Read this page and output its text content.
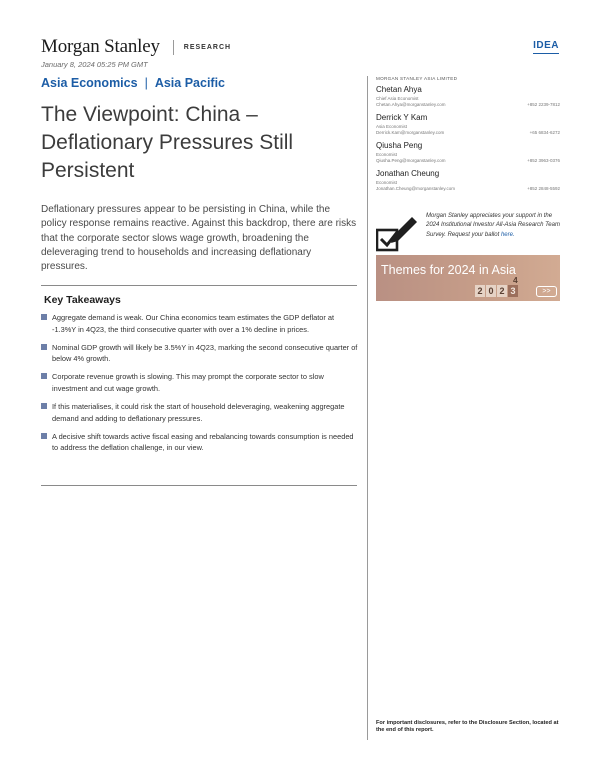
Morgan Stanley	RESEARCH	IDEA
January 8, 2024 05:25 PM GMT
Asia Economics | Asia Pacific
The Viewpoint: China – Deflationary Pressures Still Persistent

Deflationary pressures appear to be persisting in China, while the policy response remains reactive. Against this backdrop, there are risks that the corporate sector slows wage growth, broadening the deleveraging trend to households and increasing deflationary pressures.

Key Takeaways
Aggregate demand is weak. Our China economics team estimates the GDP deflator at -1.3%Y in 4Q23, the third consecutive quarter with over a 1% decline in prices.
Nominal GDP growth will likely be 3.5%Y in 4Q23, marking the second consecutive quarter of below 4% growth.
Corporate revenue growth is slowing. This may prompt the corporate sector to slow investment and cut wage growth.
If this materialises, it could risk the start of household deleveraging, weakening aggregate demand and adding to deflationary pressures.
A decisive shift towards active fiscal easing and rebalancing towards consumption is needed to address the deflation challenge, in our view.
MORGAN STANLEY ASIA LIMITED
Chetan Ahya
Chief Asia Economist
Chetan.Ahya@morganstanley.com	+852 2239-7812
Derrick Y Kam
Asia Economist
Derrick.Kam@morganstanley.com	+65 6834-6272
Qiusha Peng
Economist
Qiusha.Peng@morganstanley.com	+852 3963-0376
Jonathan Cheung
Economist
Jonathan.Cheung@morganstanley.com	+852 2848-5592
Morgan Stanley appreciates your support in the 2024 Institutional Investor All-Asia Research Team Survey. Request your ballot here.
Themes for 2024 in Asia
4
2 0 2 3	>>
For important disclosures, refer to the Disclosure Section, located at the end of this report.
